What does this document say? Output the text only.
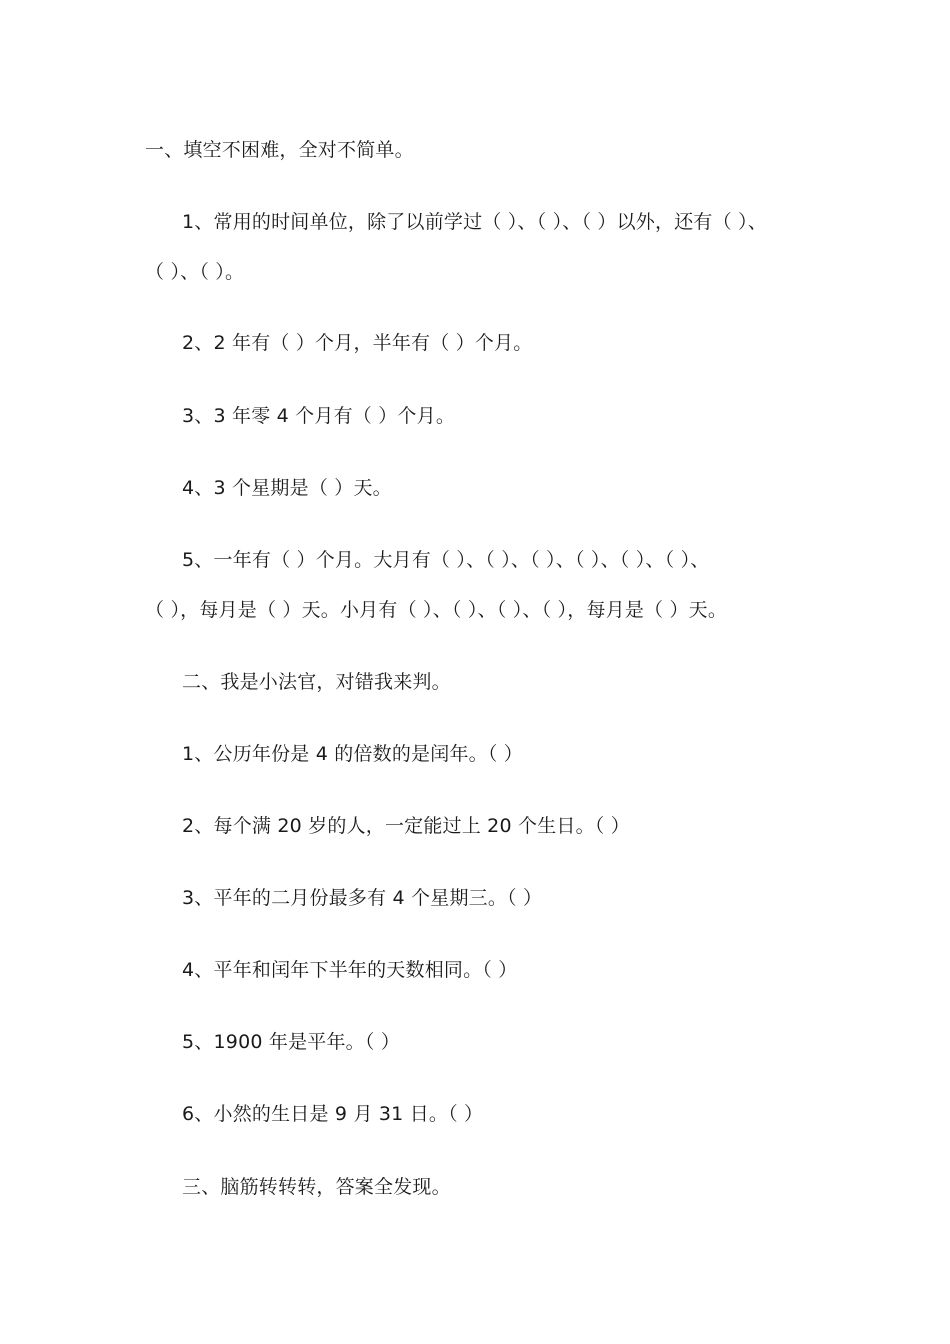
一、填空不困难，全对不简单。
1、常用的时间单位，除了以前学过（ ）、（ ）、（ ）以外，还有（ ）、
（ ）、（ ）。
2、2 年有（ ）个月，半年有（ ）个月。
3、3 年零 4 个月有（ ）个月。
4、3 个星期是（ ）天。
5、一年有（ ）个月。大月有（ ）、（ ）、（ ）、（ ）、（ ）、（ ）、
（ ），每月是（ ）天。小月有（ ）、（ ）、（ ）、（ ），每月是（ ）天。
二、我是小法官，对错我来判。
1、公历年份是 4 的倍数的是闰年。（ ）
2、每个满 20 岁的人，一定能过上 20 个生日。（ ）
3、平年的二月份最多有 4 个星期三。（ ）
4、平年和闰年下半年的天数相同。（ ）
5、1900 年是平年。（ ）
6、小然的生日是 9 月 31 日。（ ）
三、脑筋转转转，答案全发现。
